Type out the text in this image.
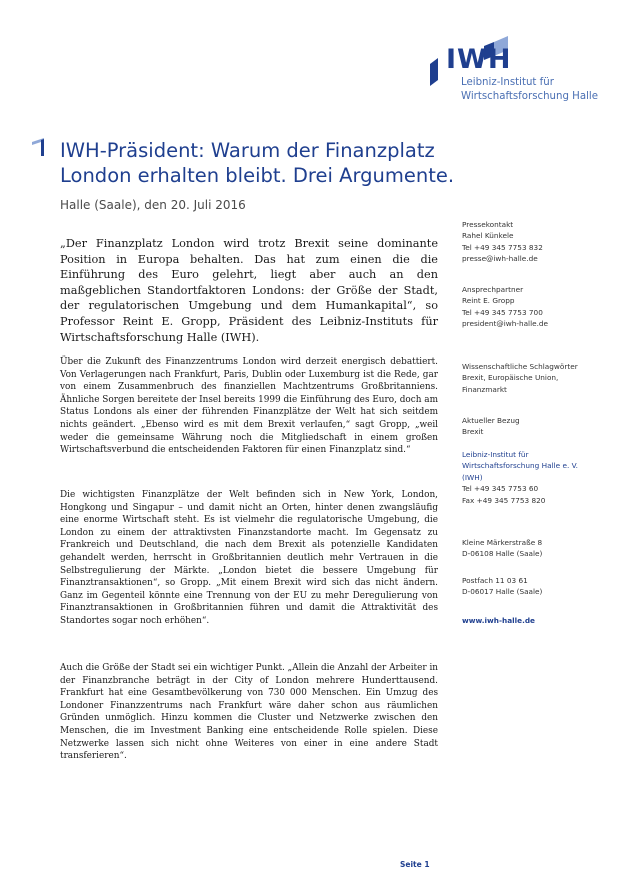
IWH
Leibniz-Institut für
Wirtschaftsforschung Halle
IWH-Präsident: Warum der Finanzplatz London erhalten bleibt. Drei Argumente.
Halle (Saale), den 20. Juli 2016

„Der Finanzplatz London wird trotz Brexit seine dominante Position in Europa behalten. Das hat zum einen die die Einführung des Euro gelehrt, liegt aber auch an den maßgeblichen Standortfaktoren Londons: der Größe der Stadt, der regulatorischen Umgebung und dem Humankapital“, so Professor Reint E. Gropp, Präsident des Leibniz-Instituts für Wirtschaftsforschung Halle (IWH).

Über die Zukunft des Finanzzentrums London wird derzeit energisch debattiert. Von Verlagerungen nach Frankfurt, Paris, Dublin oder Luxemburg ist die Rede, gar von einem Zusammenbruch des finanziellen Machtzentrums Großbritanniens. Ähnliche Sorgen bereitete der Insel bereits 1999 die Einführung des Euro, doch am Status Londons als einer der führenden Finanzplätze der Welt hat sich seitdem nichts geändert. „Ebenso wird es mit dem Brexit verlaufen,“ sagt Gropp, „weil weder die gemeinsame Währung noch die Mitgliedschaft in einem großen Wirtschaftsverbund die entscheidenden Faktoren für einen Finanzplatz sind.“

Die wichtigsten Finanzplätze der Welt befinden sich in New York, London, Hongkong und Singapur – und damit nicht an Orten, hinter denen zwangsläufig eine enorme Wirtschaft steht. Es ist vielmehr die regulatorische Umgebung, die London zu einem der attraktivsten Finanzstandorte macht. Im Gegensatz zu Frankreich und Deutschland, die nach dem Brexit als potenzielle Kandidaten gehandelt werden, herrscht in Großbritannien deutlich mehr Vertrauen in die Selbstregulierung der Märkte. „London bietet die bessere Umgebung für Finanztransaktionen“, so Gropp. „Mit einem Brexit wird sich das nicht ändern. Ganz im Gegenteil könnte eine Trennung von der EU zu mehr Deregulierung von Finanztransaktionen in Großbritannien führen und damit die Attraktivität des Standortes sogar noch erhöhen“.

Auch die Größe der Stadt sei ein wichtiger Punkt. „Allein die Anzahl der Arbeiter in der Finanzbranche beträgt in der City of London mehrere Hunderttausend. Frankfurt hat eine Gesamtbevölkerung von 730 000 Menschen. Ein Umzug des Londoner Finanzzentrums nach Frankfurt wäre daher schon aus räumlichen Gründen unmöglich. Hinzu kommen die Cluster und Netzwerke zwischen den Menschen, die im Investment Banking eine entscheidende Rolle spielen. Diese Netzwerke lassen sich nicht ohne Weiteres von einer in eine andere Stadt transferieren“.

Pressekontakt
Rahel Künkele
Tel +49 345 7753 832
presse@iwh-halle.de
Ansprechpartner
Reint E. Gropp
Tel +49 345 7753 700
president@iwh-halle.de
Wissenschaftliche Schlagwörter
Brexit, Europäische Union,
Finanzmarkt
Aktueller Bezug
Brexit
Leibniz-Institut für
Wirtschaftsforschung Halle e. V.
(IWH)
Tel +49 345 7753 60
Fax +49 345 7753 820
Kleine Märkerstraße 8
D-06108 Halle (Saale)
Postfach 11 03 61
D-06017 Halle (Saale)
www.iwh-halle.de
Seite 1
